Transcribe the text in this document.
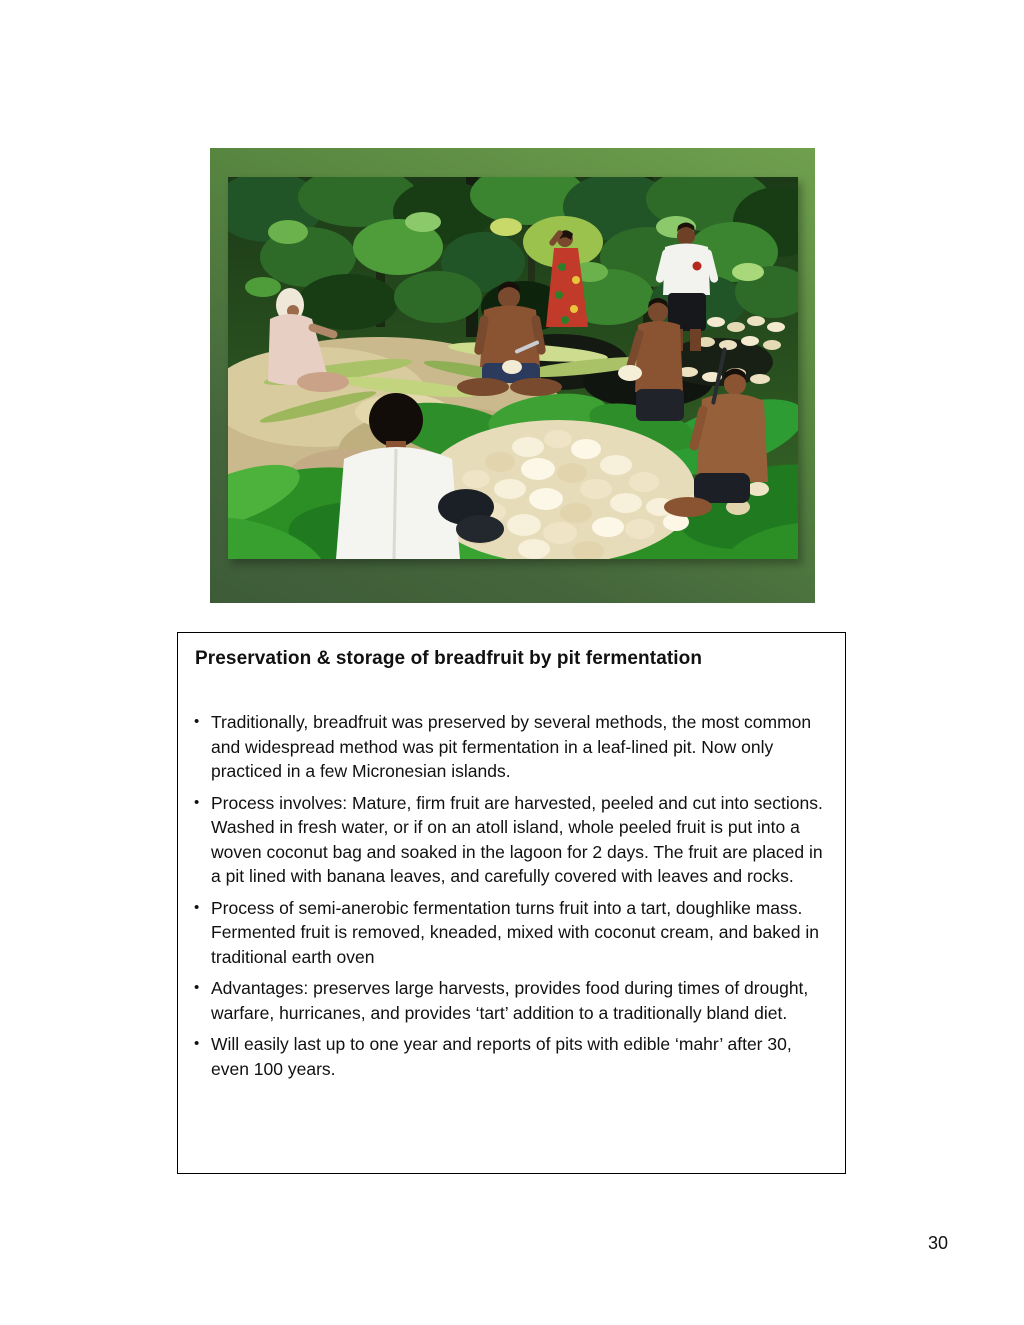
Preservation & storage of breadfruit by pit fermentation
• Traditionally, breadfruit was preserved by several methods, the most common and widespread method was pit fermentation in a leaf-lined pit. Now only practiced in a few Micronesian islands.
• Process involves: Mature, firm fruit are harvested, peeled and cut into sections. Washed in fresh water, or if on an atoll island, whole peeled fruit is put into a woven coconut bag and soaked in the lagoon for 2 days. The fruit are placed in a pit lined with banana leaves, and carefully covered with leaves and rocks.
• Process of semi-anerobic fermentation turns fruit into a tart, doughlike mass. Fermented fruit is removed, kneaded, mixed with coconut cream, and baked in traditional earth oven
• Advantages: preserves large harvests, provides food during times of drought, warfare, hurricanes, and provides ‘tart’ addition to a traditionally bland diet.
• Will easily last up to one year and reports of pits with edible ‘mahr’ after 30, even 100 years.
30
